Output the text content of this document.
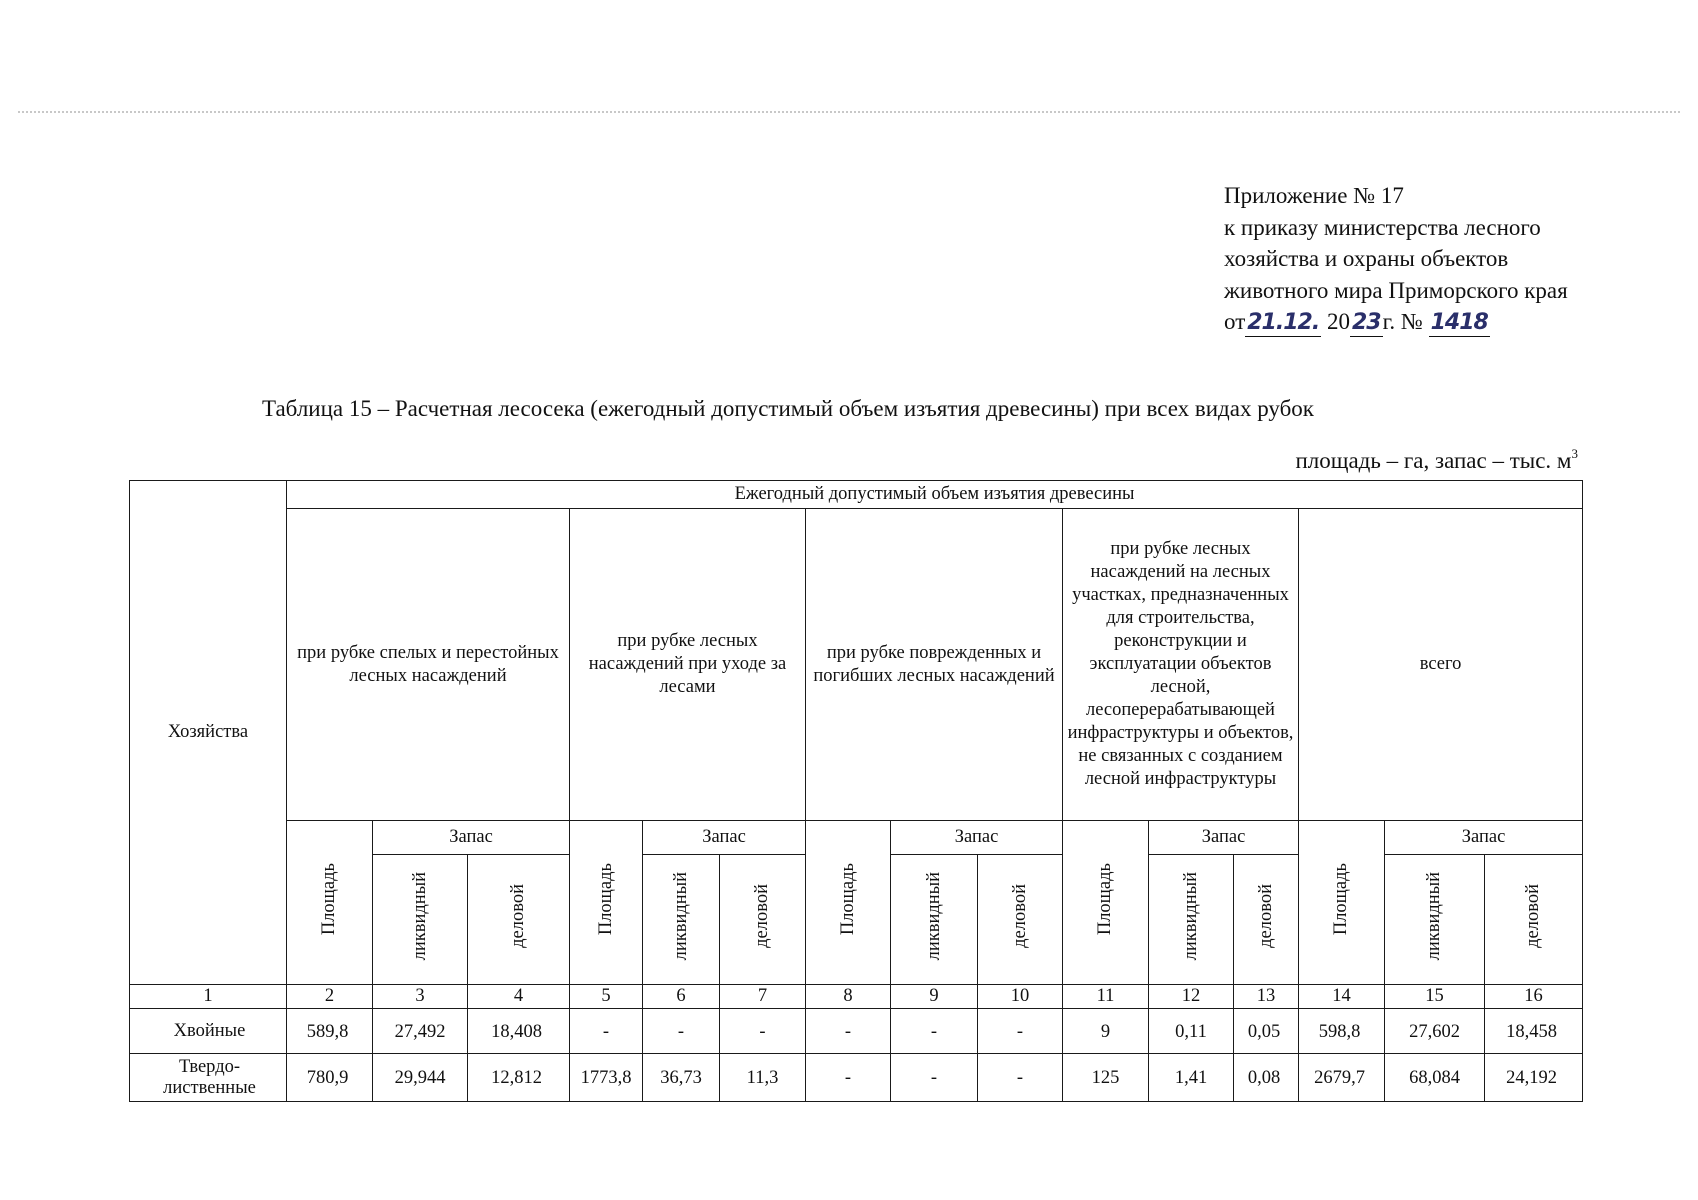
Приложение № 17
к приказу министерства лесного
хозяйства и охраны объектов
животного мира Приморского края
от21.12. 2023г. № 1418
Таблица 15 – Расчетная лесосека (ежегодный допустимый объем изъятия древесины) при всех видах рубок
площадь – га, запас – тыс. $м^3$
Хозяйства	Ежегодный допустимый объем изъятия древесины														
	при рубке спелых и перестойных лесных насаждений			при рубке лесных насаждений при уходе за лесами			при рубке поврежденных и погибших лесных насаждений			при рубке лесных насаждений на лесных участках, предназначенных для строительства, реконструкции и эксплуатации объектов лесной, лесоперерабатывающей инфраструктуры и объектов, не связанных с созданием лесной инфраструктуры			всего		
	Площадь	Запас		Площадь	Запас		Площадь	Запас		Площадь	Запас		Площадь	Запас	
		ликвидный	деловой		ликвидный	деловой		ликвидный	деловой		ликвидный	деловой		ликвидный	деловой
1	2	3	4	5	6	7	8	9	10	11	12	13	14	15	16
Хвойные	589,8	27,492	18,408	-	-	-	-	-	-	9	0,11	0,05	598,8	27,602	18,458
Твердо-
лиственные	780,9	29,944	12,812	1773,8	36,73	11,3	-	-	-	125	1,41	0,08	2679,7	68,084	24,192
